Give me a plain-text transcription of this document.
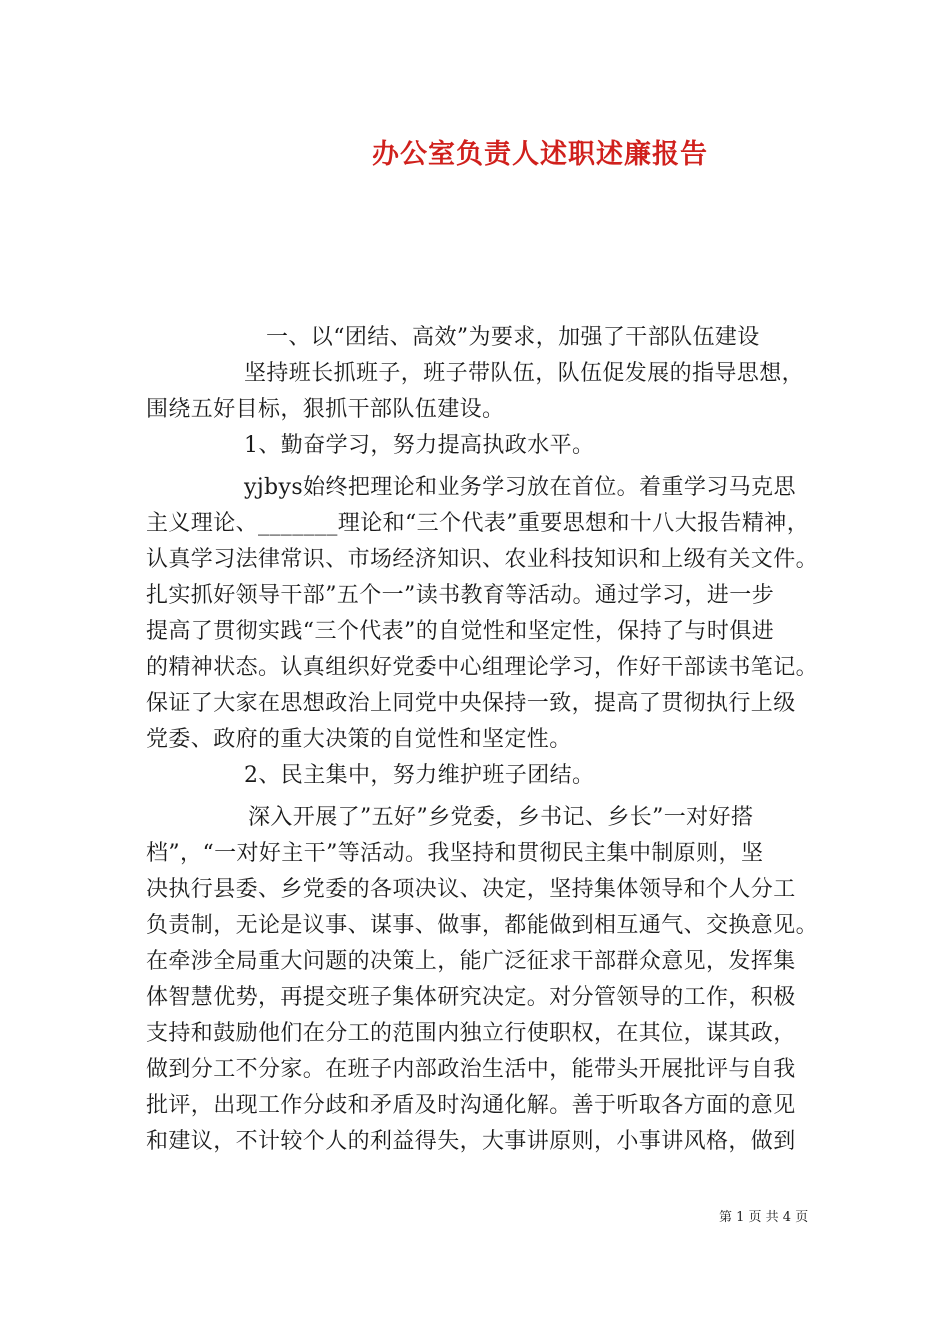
办公室负责人述职述廉报告
一、以“团结、高效”为要求，加强了干部队伍建设
坚持班长抓班子，班子带队伍，队伍促发展的指导思想，
围绕五好目标，狠抓干部队伍建设。
1、勤奋学习，努力提高执政水平。
yjbys始终把理论和业务学习放在首位。着重学习马克思
主义理论、_______理论和“三个代表”重要思想和十八大报告精神，
认真学习法律常识、市场经济知识、农业科技知识和上级有关文件。
扎实抓好领导干部”五个一”读书教育等活动。通过学习，进一步
提高了贯彻实践“三个代表”的自觉性和坚定性，保持了与时俱进
的精神状态。认真组织好党委中心组理论学习，作好干部读书笔记。
保证了大家在思想政治上同党中央保持一致，提高了贯彻执行上级
党委、政府的重大决策的自觉性和坚定性。
2、民主集中，努力维护班子团结。
深入开展了”五好”乡党委，乡书记、乡长”一对好搭
档”，“一对好主干”等活动。我坚持和贯彻民主集中制原则，坚
决执行县委、乡党委的各项决议、决定，坚持集体领导和个人分工
负责制，无论是议事、谋事、做事，都能做到相互通气、交换意见。
在牵涉全局重大问题的决策上，能广泛征求干部群众意见，发挥集
体智慧优势，再提交班子集体研究决定。对分管领导的工作，积极
支持和鼓励他们在分工的范围内独立行使职权，在其位，谋其政，
做到分工不分家。在班子内部政治生活中，能带头开展批评与自我
批评，出现工作分歧和矛盾及时沟通化解。善于听取各方面的意见
和建议，不计较个人的利益得失，大事讲原则，小事讲风格，做到
第 1 页 共 4 页
